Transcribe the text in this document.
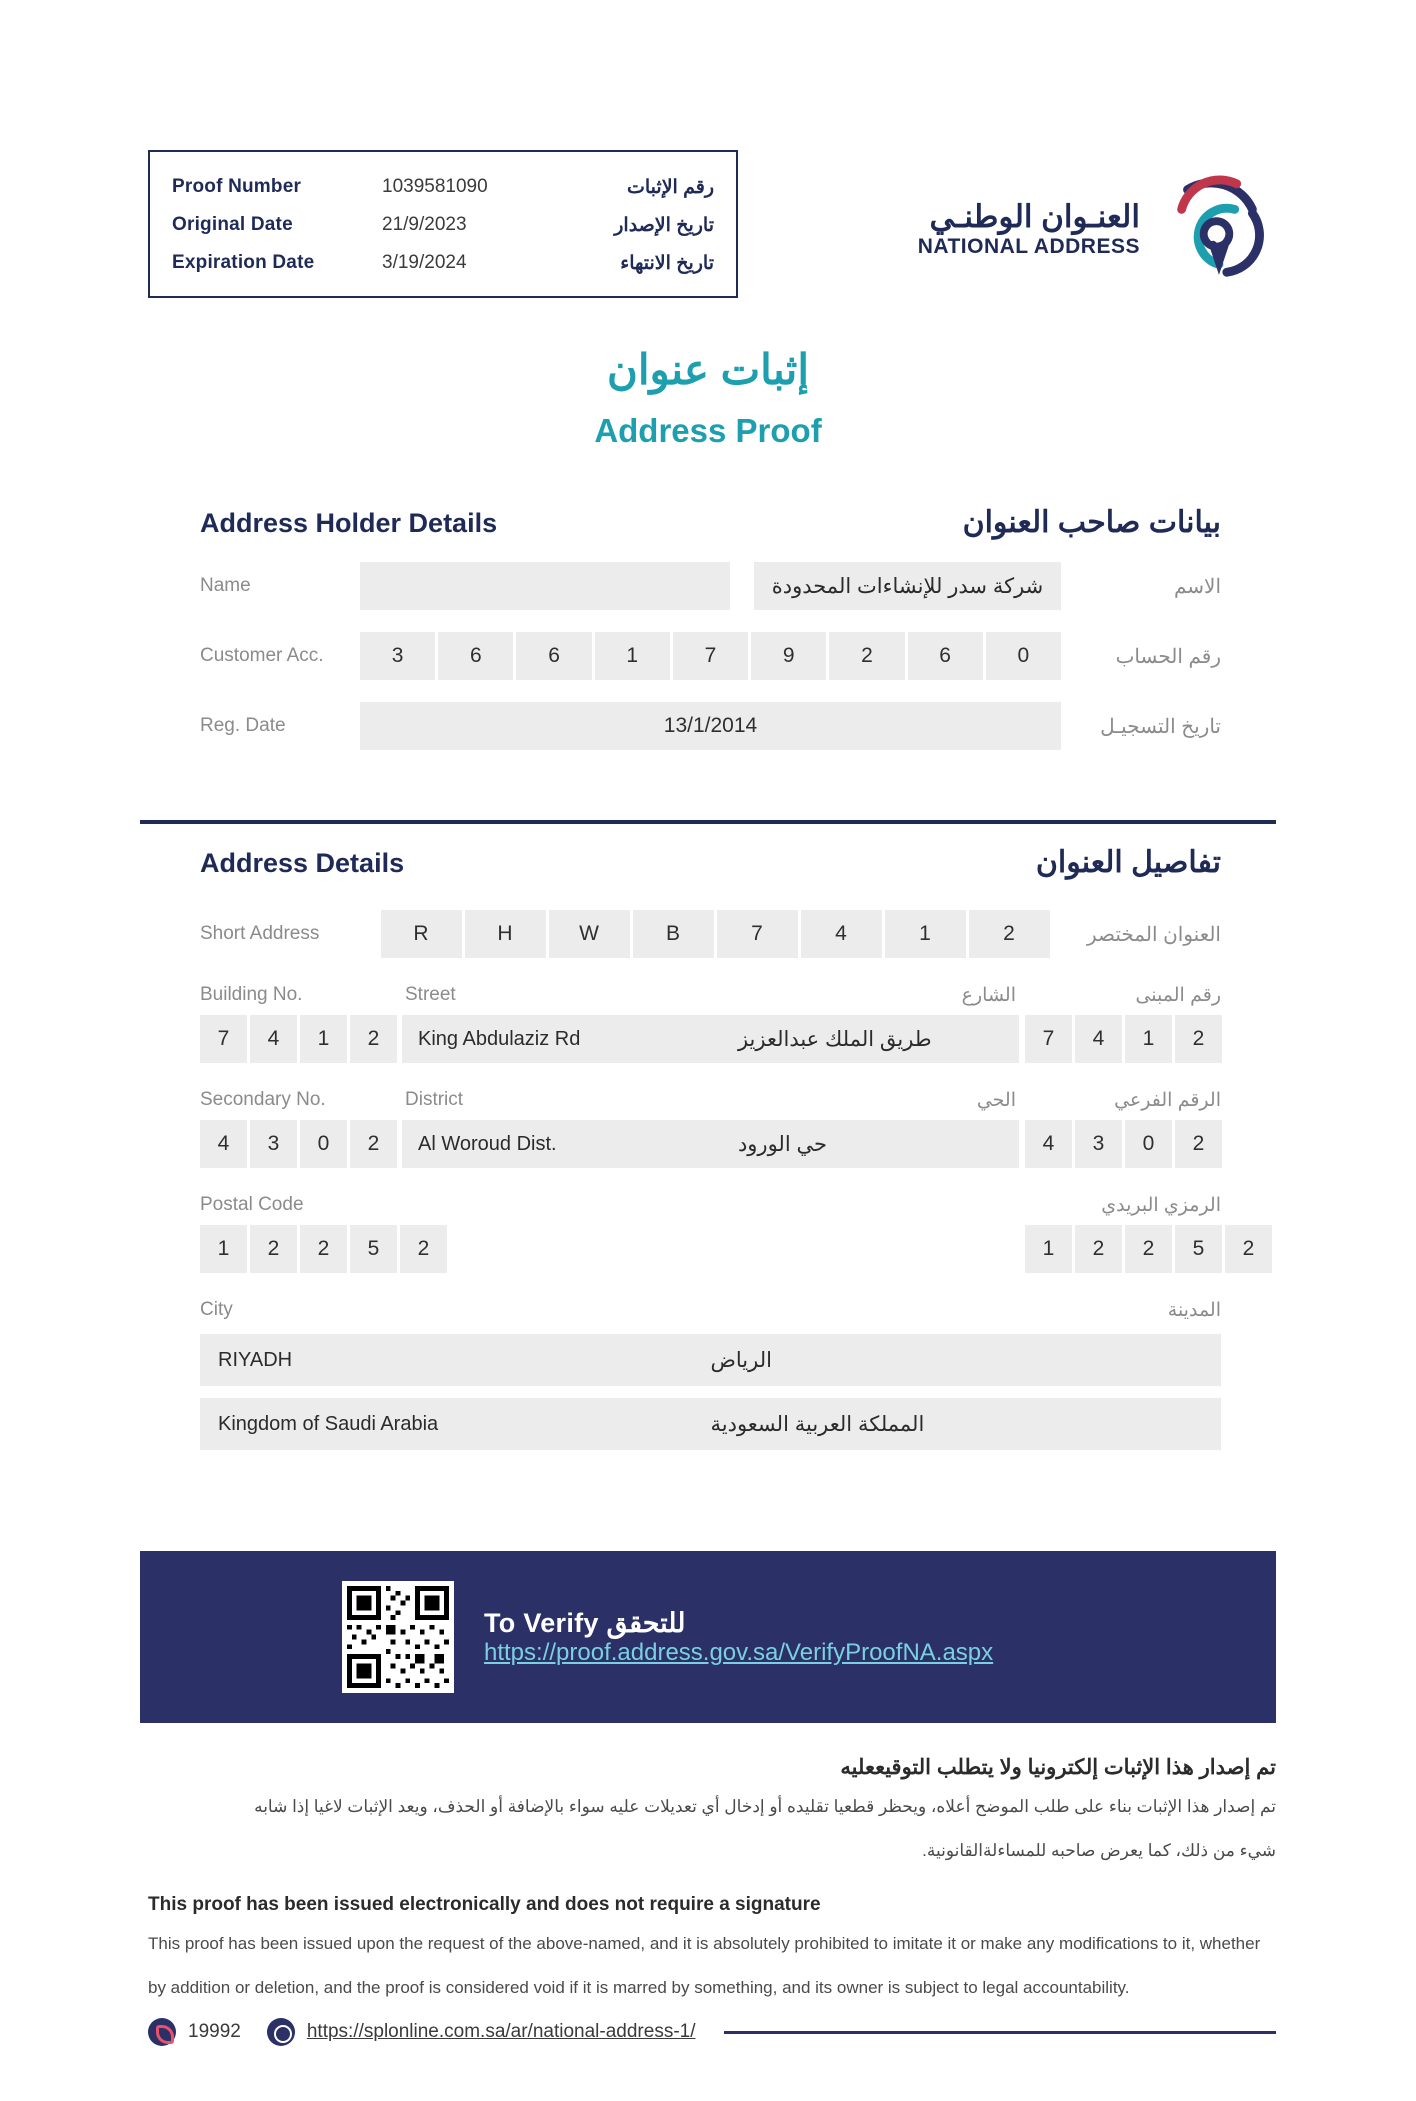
Proof Number	1039581090	رقم الإثبات
Original Date	21/9/2023	تاريخ الإصدار
Expiration Date	3/19/2024	تاريخ الانتهاء
العنـوان الوطنـي
NATIONAL ADDRESS
إثبات عنوان
Address Proof
Address Holder Details	بيانات صاحب العنوان
Name	شركة سدر للإنشاءات المحدودة	الاسم
Customer Acc.	3	6	6	1	7	9	2	6	0	رقم الحساب
Reg. Date	13/1/2014	تاريخ التسجيـل
Address Details	تفاصيل العنوان
Short Address	R	H	W	B	7	4	1	2	العنوان المختصر
Building No.	Street	الشارع	رقم المبنى
7	4	1	2	King Abdulaziz Rd	طريق الملك عبدالعزيز	7	4	1	2
Secondary No.	District	الحي	الرقم الفرعي
4	3	0	2	Al Woroud Dist.	حي الورود	4	3	0	2
Postal Code	الرمزي البريدي
1	2	2	5	2	1	2	2	5	2
City	المدينة
RIYADH	الرياض
Kingdom of Saudi Arabia	المملكة العربية السعودية
To Verify للتحقق
https://proof.address.gov.sa/VerifyProofNA.aspx
تم إصدار هذا الإثبات إلكترونيا ولا يتطلب التوقيععليه
تم إصدار هذا الإثبات بناء على طلب الموضح أعلاه، ويحظر قطعيا تقليده أو إدخال أي تعديلات عليه سواء بالإضافة أو الحذف، ويعد الإثبات لاغيا إذا شابه
شيء من ذلك، كما يعرض صاحبه للمساءلةالقانونية.
This proof has been issued electronically and does not require a signature
This proof has been issued upon the request of the above-named, and it is absolutely prohibited to imitate it or make any modifications to it, whether
by addition or deletion, and the proof is considered void if it is marred by something, and its owner is subject to legal accountability.
19992	https://splonline.com.sa/ar/national-address-1/
